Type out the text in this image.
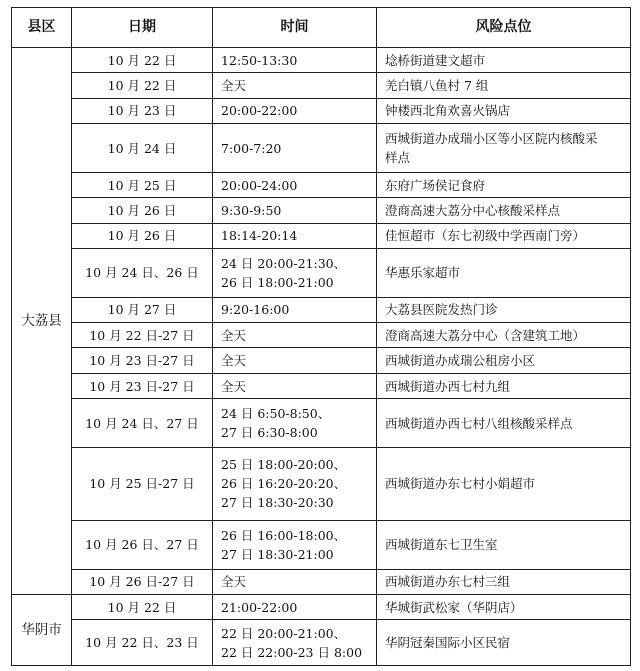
县区	日期	时间	风险点位
大荔县	10 月 22 日	12:50-13:30	埝桥街道建文超市

	10 月 22 日	全天	羌白镇八鱼村 7 组

	10 月 23 日	20:00-22:00	钟楼西北角欢喜火锅店

	10 月 24 日	7:00-7:20	西城街道办成瑞小区等小区院内核酸采
样点

	10 月 25 日	20:00-24:00	东府广场侯记食府

	10 月 26 日	9:30-9:50	澄商高速大荔分中心核酸采样点

	10 月 26 日	18:14-20:14	佳恒超市（东七初级中学西南门旁）

	10 月 24 日、26 日	24 日 20:00-21:30、
26 日 18:00-21:00	华惠乐家超市

	10 月 27 日	9:20-16:00	大荔县医院发热门诊

	10 月 22 日-27 日	全天	澄商高速大荔分中心（含建筑工地）

	10 月 23 日-27 日	全天	西城街道办成瑞公租房小区

	10 月 23 日-27 日	全天	西城街道办西七村九组

	10 月 24 日、27 日	24 日 6:50-8:50、
27 日 6:30-8:00	西城街道办西七村八组核酸采样点

	10 月 25 日-27 日	25 日 18:00-20:00、
26 日 16:20-20:20、
27 日 18:30-20:30	西城街道办东七村小娟超市

	10 月 26 日、27 日	26 日 16:00-18:00、
27 日 18:30-21:00	西城街道东七卫生室

	10 月 26 日-27 日	全天	西城街道办东七村三组

华阴市	10 月 22 日	21:00-22:00	华城街武松家（华阴店）

	10 月 22 日、23 日	22 日 20:00-21:00、
22 日 22:00-23 日 8:00	华阴冠秦国际小区民宿
